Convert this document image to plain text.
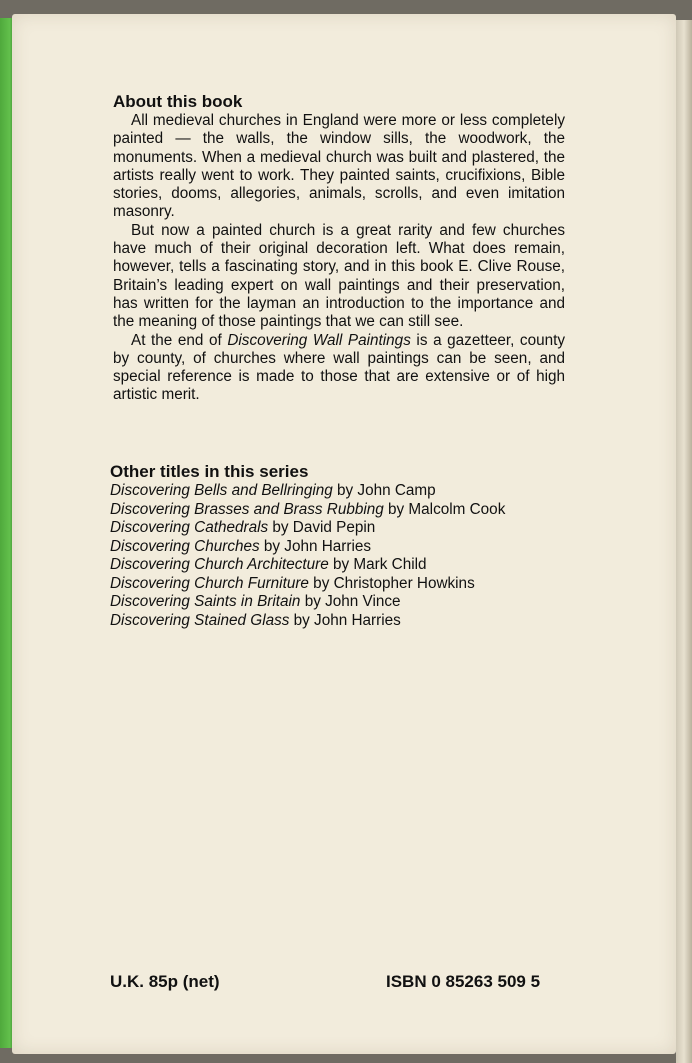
About this book

All medieval churches in England were more or less completely painted — the walls, the window sills, the woodwork, the monuments. When a medieval church was built and plastered, the artists really went to work. They painted saints, crucifixions, Bible stories, dooms, allegories, animals, scrolls, and even imitation masonry.

But now a painted church is a great rarity and few churches have much of their original decoration left. What does remain, however, tells a fascinating story, and in this book E. Clive Rouse, Britain’s leading expert on wall paintings and their preservation, has written for the layman an introduction to the importance and the meaning of those paintings that we can still see.

At the end of Discovering Wall Paintings is a gazetteer, county by county, of churches where wall paintings can be seen, and special reference is made to those that are extensive or of high artistic merit.

Other titles in this series
Discovering Bells and Bellringing by John Camp
Discovering Brasses and Brass Rubbing by Malcolm Cook
Discovering Cathedrals by David Pepin
Discovering Churches by John Harries
Discovering Church Architecture by Mark Child
Discovering Church Furniture by Christopher Howkins
Discovering Saints in Britain by John Vince
Discovering Stained Glass by John Harries
U.K. 85p (net)	ISBN 0 85263 509 5
